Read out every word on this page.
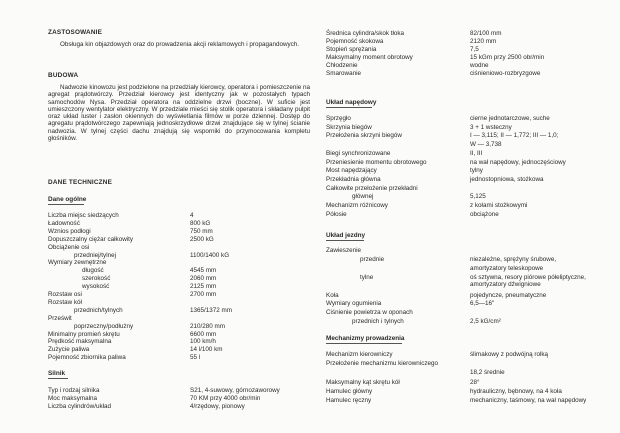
ZASTOSOWANIE

Obsługa kin objazdowych oraz do prowadzenia akcji reklamowych i propagandowych.

BUDOWA

Nadwozie kinowozu jest podzielone na przedziały kierowcy, operatora i pomieszczenie na agregat prądotwórczy. Przedział kierowcy jest identyczny jak w pozostałych typach samochodów Nysa. Przedział operatora na oddzielne drzwi (boczne). W suficie jest umieszczony wentylator elektryczny. W przedziale mieści się stolik operatora i składany pulpit oraz układ luster i zasłon okiennych do wyświetlania filmów w porze dziennej. Dostęp do agregatu prądotwórczego zapewniają jednoskrzydłowe drzwi znajdujące się w tylnej ścianie nadwozia. W tylnej części dachu znajdują się wsporniki do przymocowania kompletu głośników.

DANE TECHNICZNE
Dane ogólne
Liczba miejsc siedzących	4
Ładowność	800 kG
Wznios podłogi	750 mm
Dopuszczalny ciężar całkowity	2500 kG
Obciążenie osi
przedniej/tylnej	1100/1400 kG
Wymiary zewnętrzne
długość	4545 mm
szerokość	2060 mm
wysokość	2125 mm
Rozstaw osi	2700 mm
Rozstaw kół
przednich/tylnych	1365/1372 mm
Prześwit
poprzeczny/podłużny	210/280 mm
Minimalny promień skrętu	6600 mm
Prędkość maksymalna	100 km/h
Zużycie paliwa	14 l/100 km
Pojemność zbiornika paliwa	55 l
Silnik
Typ i rodzaj silnika	S21, 4-suwowy, górnozaworowy
Moc maksymalna	70 KM przy 4000 obr/min
Liczba cylindrów/układ	4/rzędowy, pionowy
Średnica cylindra/skok tłoka	82/100 mm
Pojemność skokowa	2120 mm
Stopień sprężania	7,5
Maksymalny moment obrotowy	15 kGm przy 2500 obr/min
Chłodzenie	wodne
Smarowanie	ciśnieniowo-rozbryzgowe
Układ napędowy
Sprzęgło	cierne jednotarczowe, suche
Skrzynia biegów	3 + 1 wsteczny
Przełożenia skrzyni biegów	I — 3,115; II — 1,772; III — 1,0;
W — 3,738
Biegi synchronizowane	II, III
Przeniesienie momentu obrotowego	na wał napędowy, jednoczęściowy
Most napędzający	tylny
Przekładnia główna	jednostopniowa, stożkowa
Całkowite przełożenie przekładni
głównej	5,125
Mechanizm różnicowy	z kołami stożkowymi
Półosie	obciążone
Układ jezdny
Zawieszenie
przednie	niezależne, sprężyny śrubowe,
amortyzatory teleskopowe
tylne	oś sztywna, resory piórowe półeliptyczne, amortyzatory dźwigniowe
Koła	pojedyncze, pneumatyczne
Wymiary ogumienia	6,5—16"
Ciśnienie powietrza w oponach
przednich i tylnych	2,5 kG/cm²
Mechanizmy prowadzenia
Mechanizm kierowniczy	ślimakowy z podwójną rolką
Przełożenie mechanizmu kierowniczego
18,2 średnie
Maksymalny kąt skrętu kół	28°
Hamulec główny	hydrauliczny, bębnowy, na 4 koła
Hamulec ręczny	mechaniczny, taśmowy, na wał napędowy
